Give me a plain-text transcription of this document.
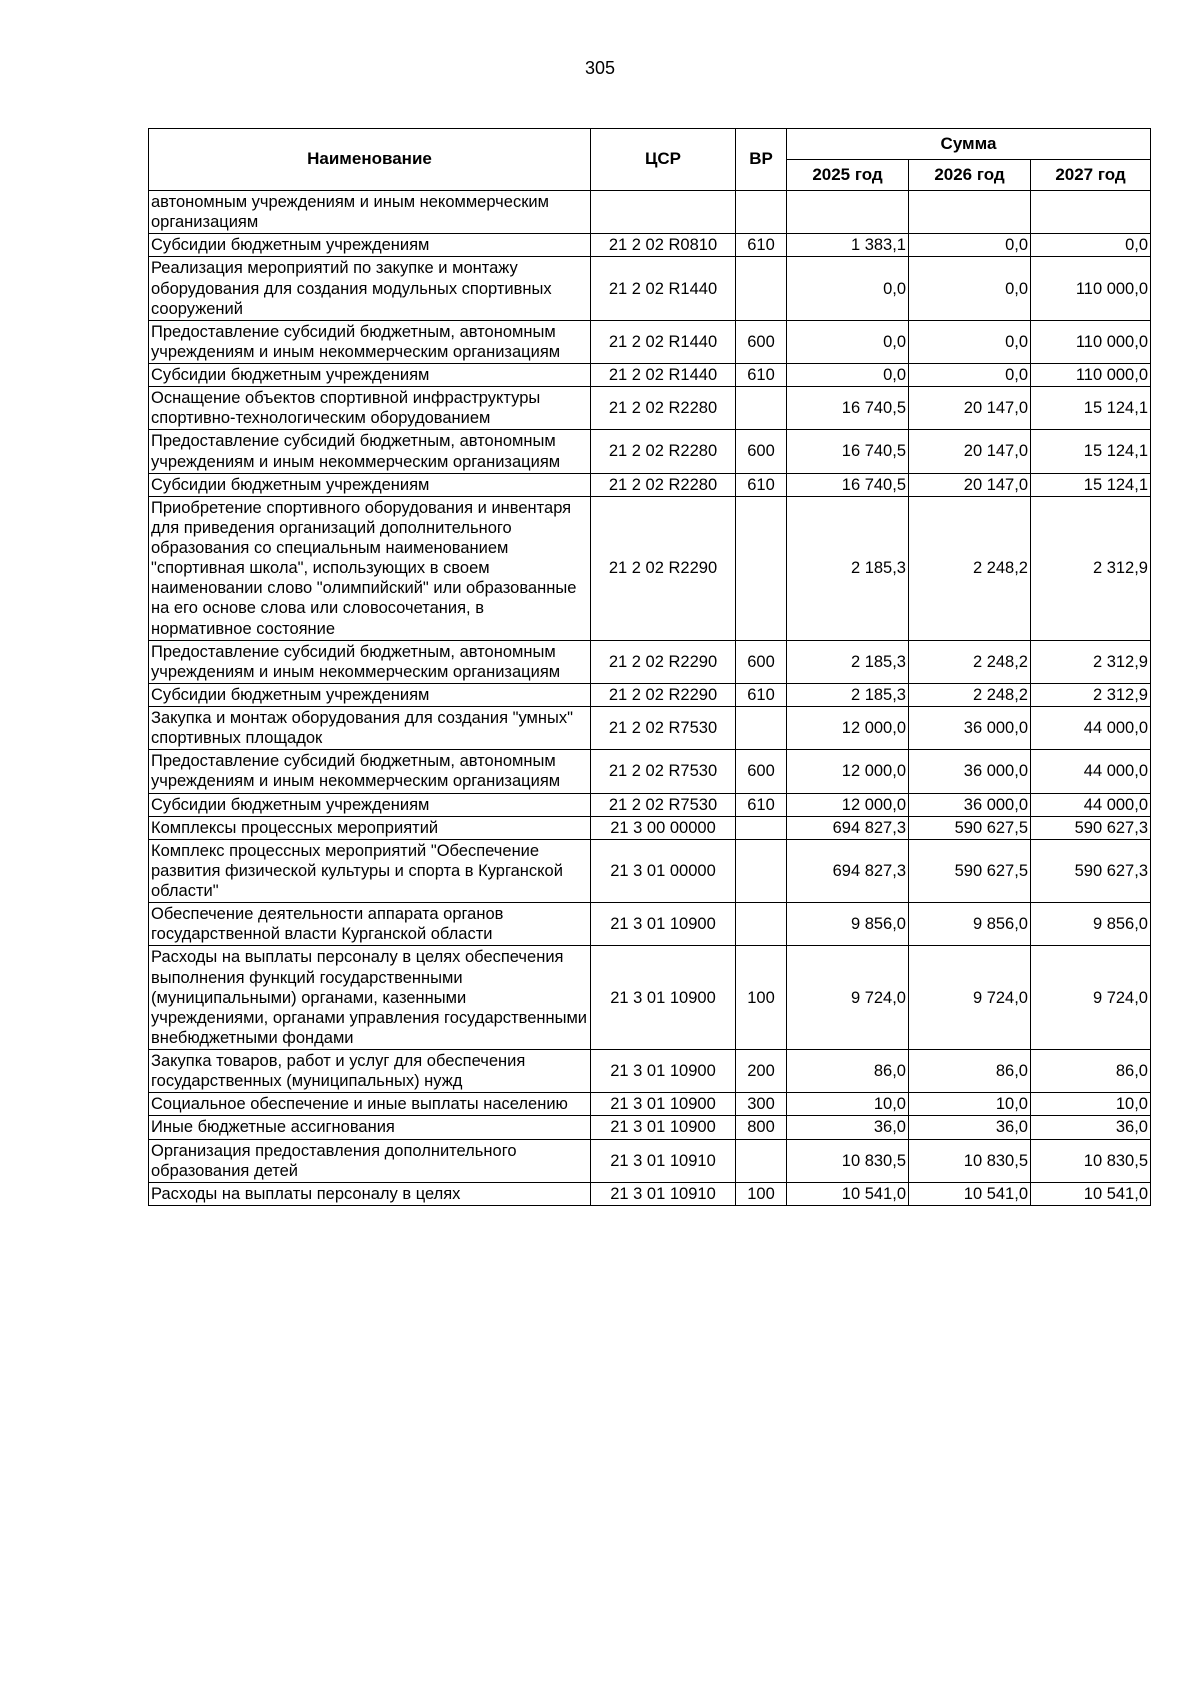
305
Наименование	ЦСР	ВР	Сумма		
			2025 год	2026 год	2027 год
автономным учреждениям и иным некоммерческим организациям					
Субсидии бюджетным учреждениям	21 2 02 R0810	610	1 383,1	0,0	0,0
Реализация мероприятий по закупке и монтажу оборудования для создания модульных спортивных сооружений	21 2 02 R1440		0,0	0,0	110 000,0
Предоставление субсидий бюджетным, автономным учреждениям и иным некоммерческим организациям	21 2 02 R1440	600	0,0	0,0	110 000,0
Субсидии бюджетным учреждениям	21 2 02 R1440	610	0,0	0,0	110 000,0
Оснащение объектов спортивной инфраструктуры спортивно-технологическим оборудованием	21 2 02 R2280		16 740,5	20 147,0	15 124,1
Предоставление субсидий бюджетным, автономным учреждениям и иным некоммерческим организациям	21 2 02 R2280	600	16 740,5	20 147,0	15 124,1
Субсидии бюджетным учреждениям	21 2 02 R2280	610	16 740,5	20 147,0	15 124,1
Приобретение спортивного оборудования и инвентаря для приведения организаций дополнительного образования со специальным наименованием "спортивная школа", использующих в своем наименовании слово "олимпийский" или образованные на его основе слова или словосочетания, в нормативное состояние	21 2 02 R2290		2 185,3	2 248,2	2 312,9
Предоставление субсидий бюджетным, автономным учреждениям и иным некоммерческим организациям	21 2 02 R2290	600	2 185,3	2 248,2	2 312,9
Субсидии бюджетным учреждениям	21 2 02 R2290	610	2 185,3	2 248,2	2 312,9
Закупка и монтаж оборудования для создания "умных" спортивных площадок	21 2 02 R7530		12 000,0	36 000,0	44 000,0
Предоставление субсидий бюджетным, автономным учреждениям и иным некоммерческим организациям	21 2 02 R7530	600	12 000,0	36 000,0	44 000,0
Субсидии бюджетным учреждениям	21 2 02 R7530	610	12 000,0	36 000,0	44 000,0
Комплексы процессных мероприятий	21 3 00 00000		694 827,3	590 627,5	590 627,3
Комплекс процессных мероприятий "Обеспечение развития физической культуры и спорта в Курганской области"	21 3 01 00000		694 827,3	590 627,5	590 627,3
Обеспечение деятельности аппарата органов государственной власти Курганской области	21 3 01 10900		9 856,0	9 856,0	9 856,0
Расходы на выплаты персоналу в целях обеспечения выполнения функций государственными (муниципальными) органами, казенными учреждениями, органами управления государственными внебюджетными фондами	21 3 01 10900	100	9 724,0	9 724,0	9 724,0
Закупка товаров, работ и услуг для обеспечения государственных (муниципальных) нужд	21 3 01 10900	200	86,0	86,0	86,0
Социальное обеспечение и иные выплаты населению	21 3 01 10900	300	10,0	10,0	10,0
Иные бюджетные ассигнования	21 3 01 10900	800	36,0	36,0	36,0
Организация предоставления дополнительного образования детей	21 3 01 10910		10 830,5	10 830,5	10 830,5
Расходы на выплаты персоналу в целях	21 3 01 10910	100	10 541,0	10 541,0	10 541,0
